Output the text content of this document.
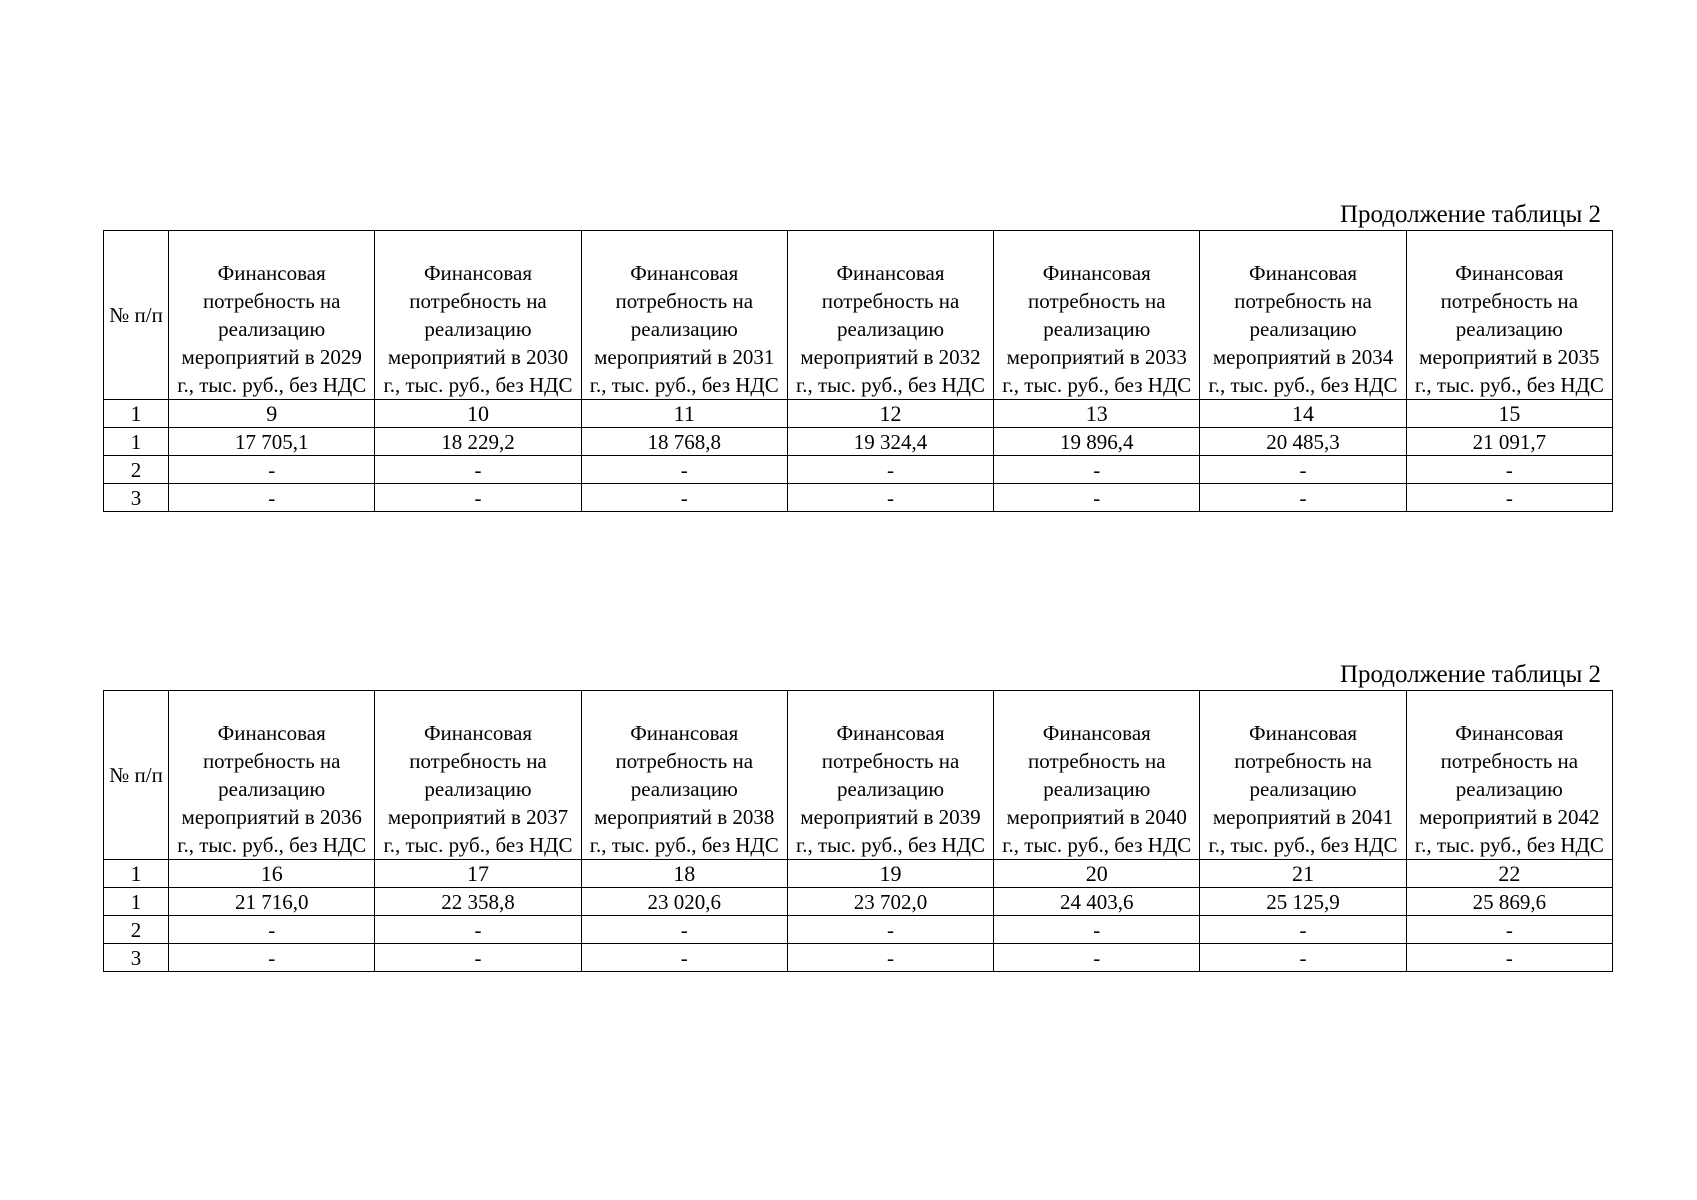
Продолжение таблицы 2
№ п/п	Финансовая потребность на реализацию мероприятий в 2029 г., тыс. руб., без НДС	Финансовая потребность на реализацию мероприятий в 2030 г., тыс. руб., без НДС	Финансовая потребность на реализацию мероприятий в 2031 г., тыс. руб., без НДС	Финансовая потребность на реализацию мероприятий в 2032 г., тыс. руб., без НДС	Финансовая потребность на реализацию мероприятий в 2033 г., тыс. руб., без НДС	Финансовая потребность на реализацию мероприятий в 2034 г., тыс. руб., без НДС	Финансовая потребность на реализацию мероприятий в 2035 г., тыс. руб., без НДС
1	9	10	11	12	13	14	15
1	17 705,1	18 229,2	18 768,8	19 324,4	19 896,4	20 485,3	21 091,7
2	-	-	-	-	-	-	-
3	-	-	-	-	-	-	-
Продолжение таблицы 2
№ п/п	Финансовая потребность на реализацию мероприятий в 2036 г., тыс. руб., без НДС	Финансовая потребность на реализацию мероприятий в 2037 г., тыс. руб., без НДС	Финансовая потребность на реализацию мероприятий в 2038 г., тыс. руб., без НДС	Финансовая потребность на реализацию мероприятий в 2039 г., тыс. руб., без НДС	Финансовая потребность на реализацию мероприятий в 2040 г., тыс. руб., без НДС	Финансовая потребность на реализацию мероприятий в 2041 г., тыс. руб., без НДС	Финансовая потребность на реализацию мероприятий в 2042 г., тыс. руб., без НДС
1	16	17	18	19	20	21	22
1	21 716,0	22 358,8	23 020,6	23 702,0	24 403,6	25 125,9	25 869,6
2	-	-	-	-	-	-	-
3	-	-	-	-	-	-	-
